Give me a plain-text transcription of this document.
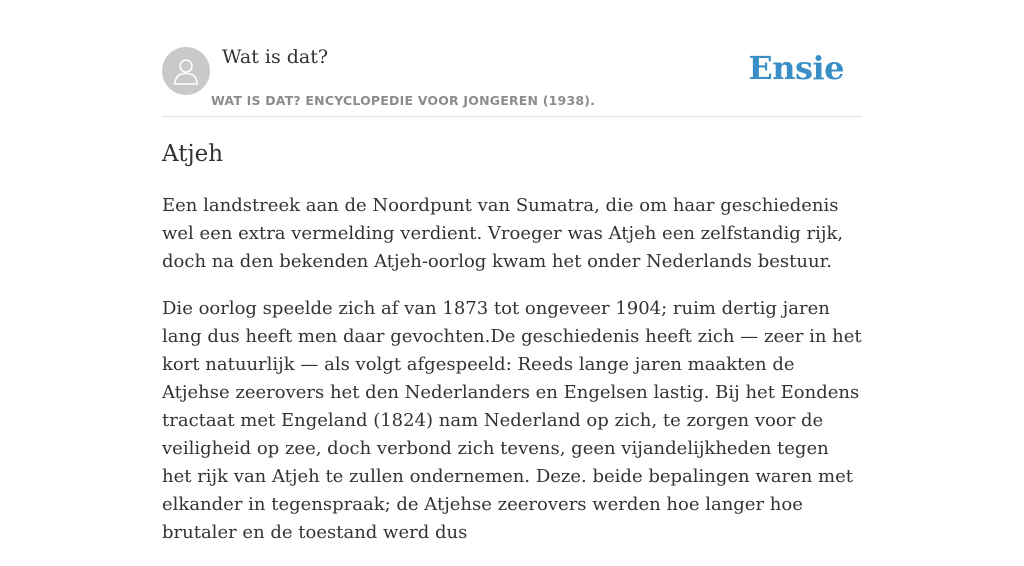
Wat is dat?
WAT IS DAT? ENCYCLOPEDIE VOOR JONGEREN (1938).
Ensie
Atjeh

Een landstreek aan de Noordpunt van Sumatra, die om haar geschiedenis wel een extra vermelding verdient. Vroeger was Atjeh een zelfstandig rijk, doch na den bekenden Atjeh-oorlog kwam het onder Nederlands bestuur.

Die oorlog speelde zich af van 1873 tot ongeveer 1904; ruim dertig jaren lang dus heeft men daar gevochten.De geschiedenis heeft zich — zeer in het kort natuurlijk — als volgt afgespeeld: Reeds lange jaren maakten de Atjehse zeerovers het den Nederlanders en Engelsen lastig. Bij het Eondens tractaat met Engeland (1824) nam Nederland op zich, te zorgen voor de veiligheid op zee, doch verbond zich tevens, geen vijandelijkheden tegen het rijk van Atjeh te zullen ondernemen. Deze. beide bepalingen waren met elkander in tegenspraak; de Atjehse zeerovers werden hoe langer hoe brutaler en de toestand werd dus
